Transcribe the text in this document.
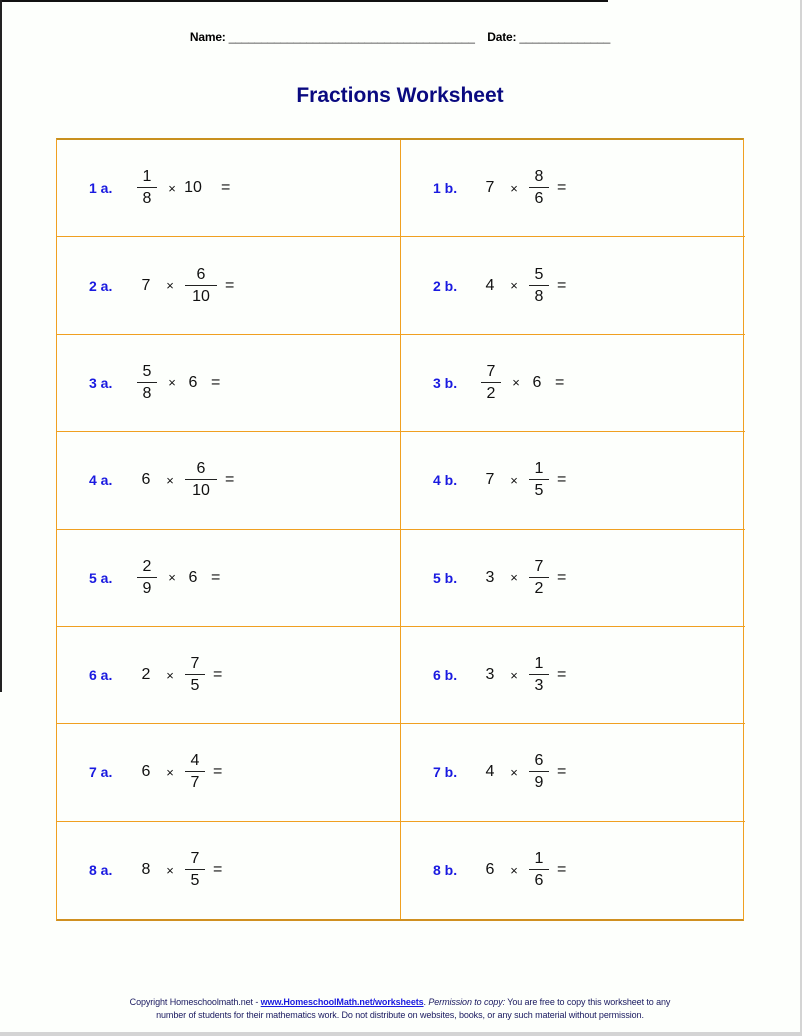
Name: ______________________________________ Date: ______________
Fractions Worksheet
1 a.	$\frac{1}{8} \times 10$ =	1 b.	7	× $\frac{8}{6}$ =
2 a.	7	× $\frac{6}{10}$ =	2 b.	4	× $\frac{5}{8}$ =
3 a.	$\frac{5}{8} \times 6$ =	3 b.	$\frac{7}{2} \times 6$ =
4 a.	6	× $\frac{6}{10}$ =	4 b.	7	× $\frac{1}{5}$ =
5 a.	$\frac{2}{9} \times 6$ =	5 b.	3	× $\frac{7}{2}$ =
6 a.	2	× $\frac{7}{5}$ =	6 b.	3	× $\frac{1}{3}$ =
7 a.	6	× $\frac{4}{7}$ =	7 b.	4	× $\frac{6}{9}$ =
8 a.	8	× $\frac{7}{5}$ =	8 b.	6	× $\frac{1}{6}$ =
Copyright Homeschoolmath.net - www.HomeschoolMath.net/worksheets. Permission to copy: You are free to copy this worksheet to any
number of students for their mathematics work. Do not distribute on websites, books, or any such material without permission.
